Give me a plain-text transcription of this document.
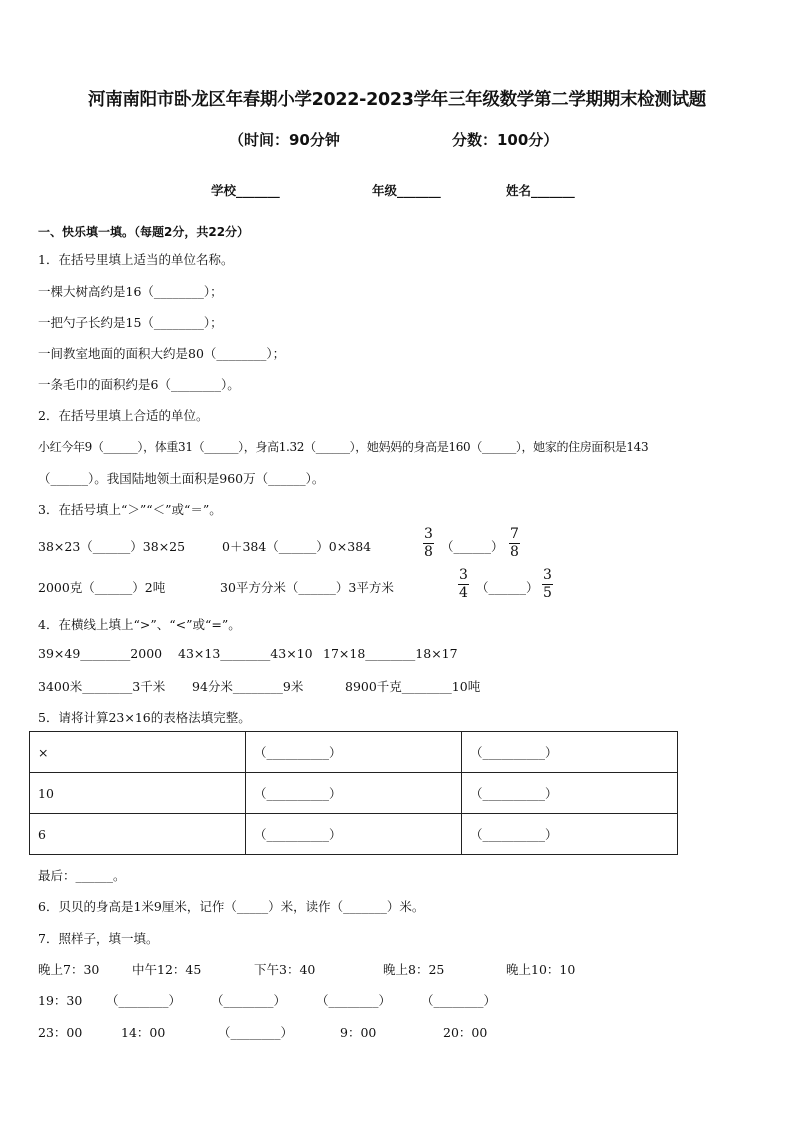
河南南阳市卧龙区年春期小学2022-2023学年三年级数学第二学期期末检测试题
（时间：90分钟	分数：100分）
学校_______	年级_______	姓名_______
一、快乐填一填。（每题2分，共22分）
1．在括号里填上适当的单位名称。
一棵大树高约是16（________）；
一把勺子长约是15（________）；
一间教室地面的面积大约是80（________）；
一条毛巾的面积约是6（________）。
2．在括号里填上合适的单位。
小红今年9（______），体重31（______），身高1.32（______），她妈妈的身高是160（______），她家的住房面积是143
（______）。我国陆地领土面积是960万（______）。
3．在括号填上“＞”“＜”或“＝”。
38×23（______）38×25	0＋384（______）0×384	$\frac{3}{8}$ （______） $\frac{7}{8}$
2000克（______）2吨	30平方分米（______）3平方米	$\frac{3}{4}$ （______） $\frac{3}{5}$
4．在横线上填上“>”、“<”或“=”。
39×49________2000 43×13________43×10 17×18________18×17
3400米________3千米 94分米________9米	8900千克________10吨
5．请将计算23×16的表格法填完整。
×	（__________）	（__________）
10	（__________）	（__________）
6	（__________）	（__________）
最后：______。
6．贝贝的身高是1米9厘米，记作（_____）米，读作（_______）米。
7．照样子，填一填。
晚上7：30	中午12：45	下午3：40	晚上8：25	晚上10：10
19：30 （________） （________） （________） （________）
23：00	14：00	（________）	9：00	20：00
